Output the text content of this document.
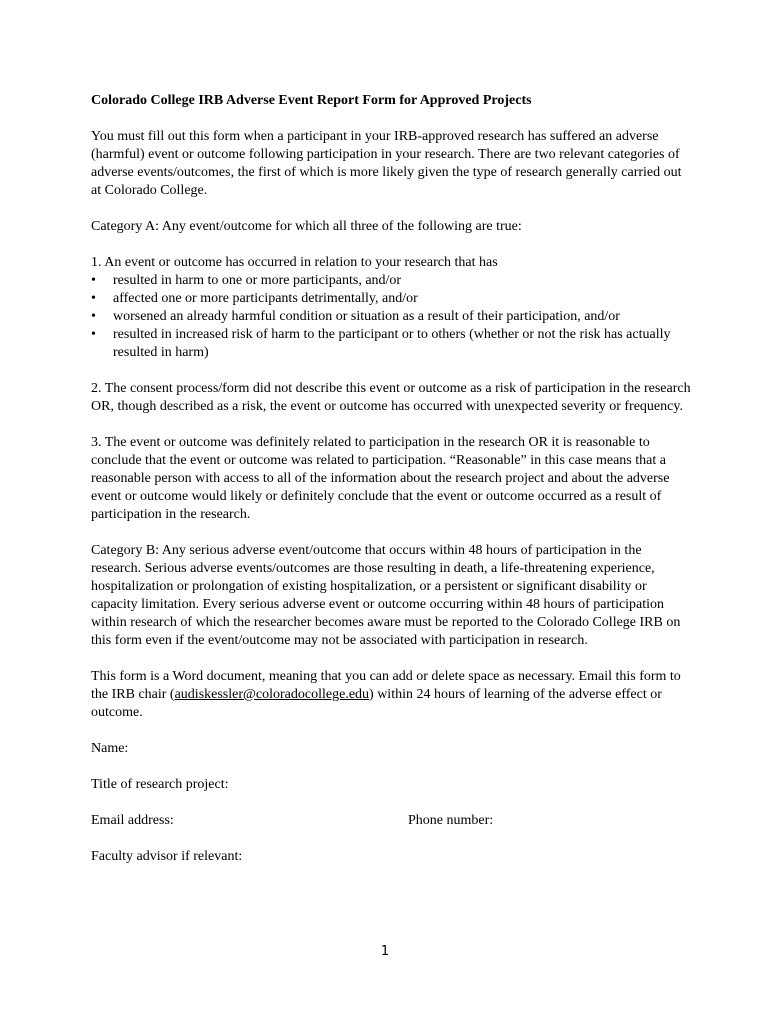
Colorado College IRB Adverse Event Report Form for Approved Projects

You must fill out this form when a participant in your IRB-approved research has suffered an adverse (harmful) event or outcome following participation in your research. There are two relevant categories of adverse events/outcomes, the first of which is more likely given the type of research generally carried out at Colorado College.

Category A: Any event/outcome for which all three of the following are true:

1. An event or outcome has occurred in relation to your research that has
•	resulted in harm to one or more participants, and/or
•	affected one or more participants detrimentally, and/or
•	worsened an already harmful condition or situation as a result of their participation, and/or
•	resulted in increased risk of harm to the participant or to others (whether or not the risk has actually resulted in harm)

2. The consent process/form did not describe this event or outcome as a risk of participation in the research OR, though described as a risk, the event or outcome has occurred with unexpected severity or frequency.

3. The event or outcome was definitely related to participation in the research OR it is reasonable to conclude that the event or outcome was related to participation. “Reasonable” in this case means that a reasonable person with access to all of the information about the research project and about the adverse event or outcome would likely or definitely conclude that the event or outcome occurred as a result of participation in the research.

Category B: Any serious adverse event/outcome that occurs within 48 hours of participation in the research. Serious adverse events/outcomes are those resulting in death, a life-threatening experience, hospitalization or prolongation of existing hospitalization, or a persistent or significant disability or capacity limitation. Every serious adverse event or outcome occurring within 48 hours of participation within research of which the researcher becomes aware must be reported to the Colorado College IRB on this form even if the event/outcome may not be associated with participation in research.

This form is a Word document, meaning that you can add or delete space as necessary. Email this form to the IRB chair (audiskessler@coloradocollege.edu) within 24 hours of learning of the adverse effect or outcome.

Name:
Title of research project:
Email address:	Phone number:
Faculty advisor if relevant:
1
